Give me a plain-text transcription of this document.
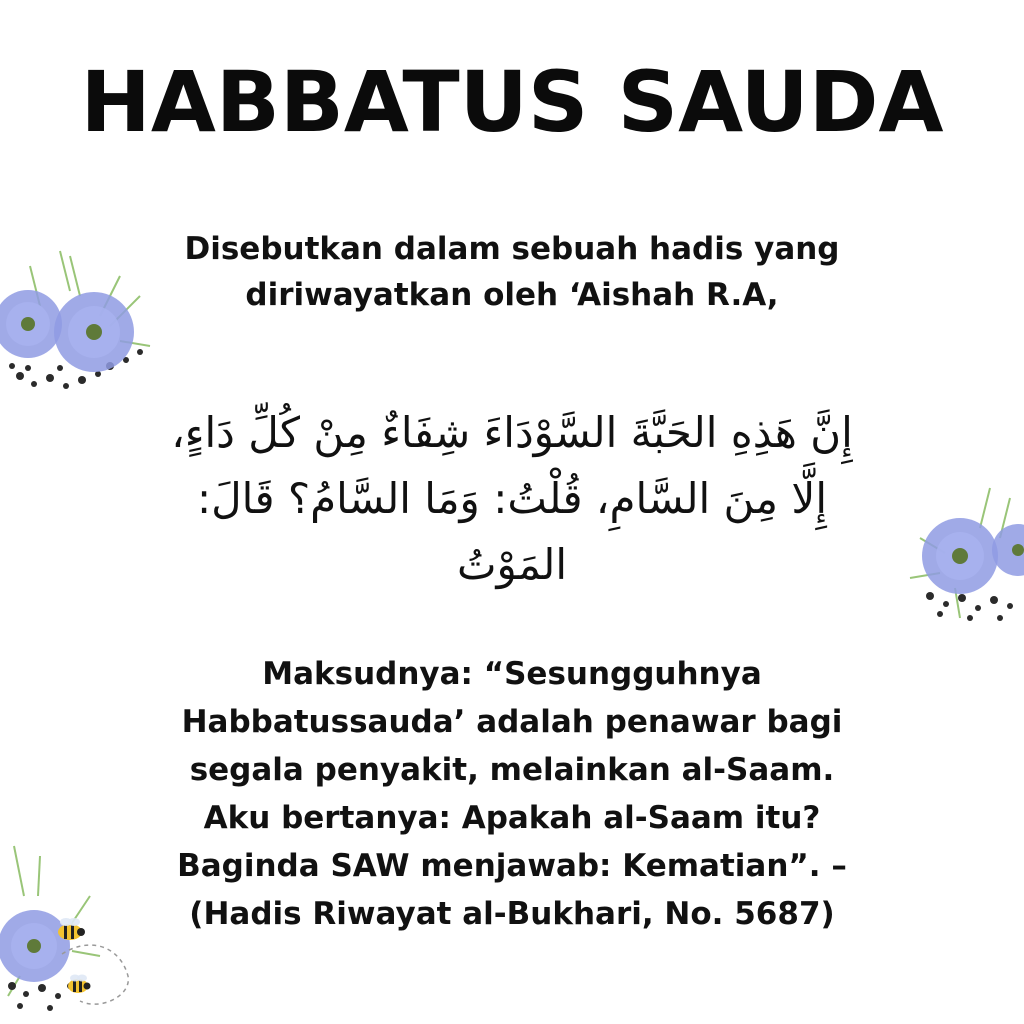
HABBATUS SAUDA
Disebutkan dalam sebuah hadis yang
diriwayatkan oleh ‘Aishah R.A,
إِنَّ هَذِهِ الحَبَّةَ السَّوْدَاءَ شِفَاءٌ مِنْ كُلِّ دَاءٍ،
إِلَّا مِنَ السَّامِ، قُلْتُ: وَمَا السَّامُ؟ قَالَ:
المَوْتُ
Maksudnya: “Sesungguhnya
Habbatussauda’ adalah penawar bagi
segala penyakit, melainkan al-Saam.
Aku bertanya: Apakah al-Saam itu?
Baginda SAW menjawab: Kematian”. –
(Hadis Riwayat al-Bukhari, No. 5687)
